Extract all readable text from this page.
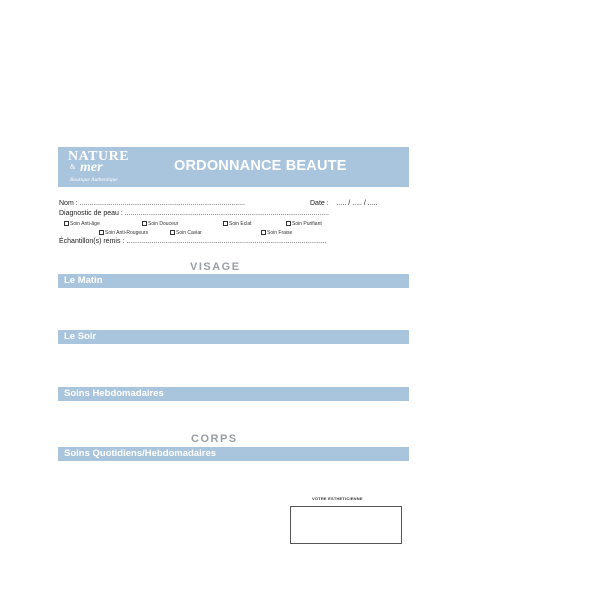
NATURE
& mer
Boutique Authentique
ORDONNANCE BEAUTE
Nom : .....................................................................................	Date : ..... / ..... / .....
Diagnostic de peau : .........................................................................................................
Soin Anti-âge	Soin Douceur	Soin Eclat	Soin Purifiant
Soin Anti-Rougeurs	Soin Caviar	Soin Fraise
Échantillon(s) remis : .......................................................................................................
VISAGE
Le Matin
Le Soir
Soins Hebdomadaires
CORPS
Soins Quotidiens/Hebdomadaires
VOTRE ESTHETICIENNE
